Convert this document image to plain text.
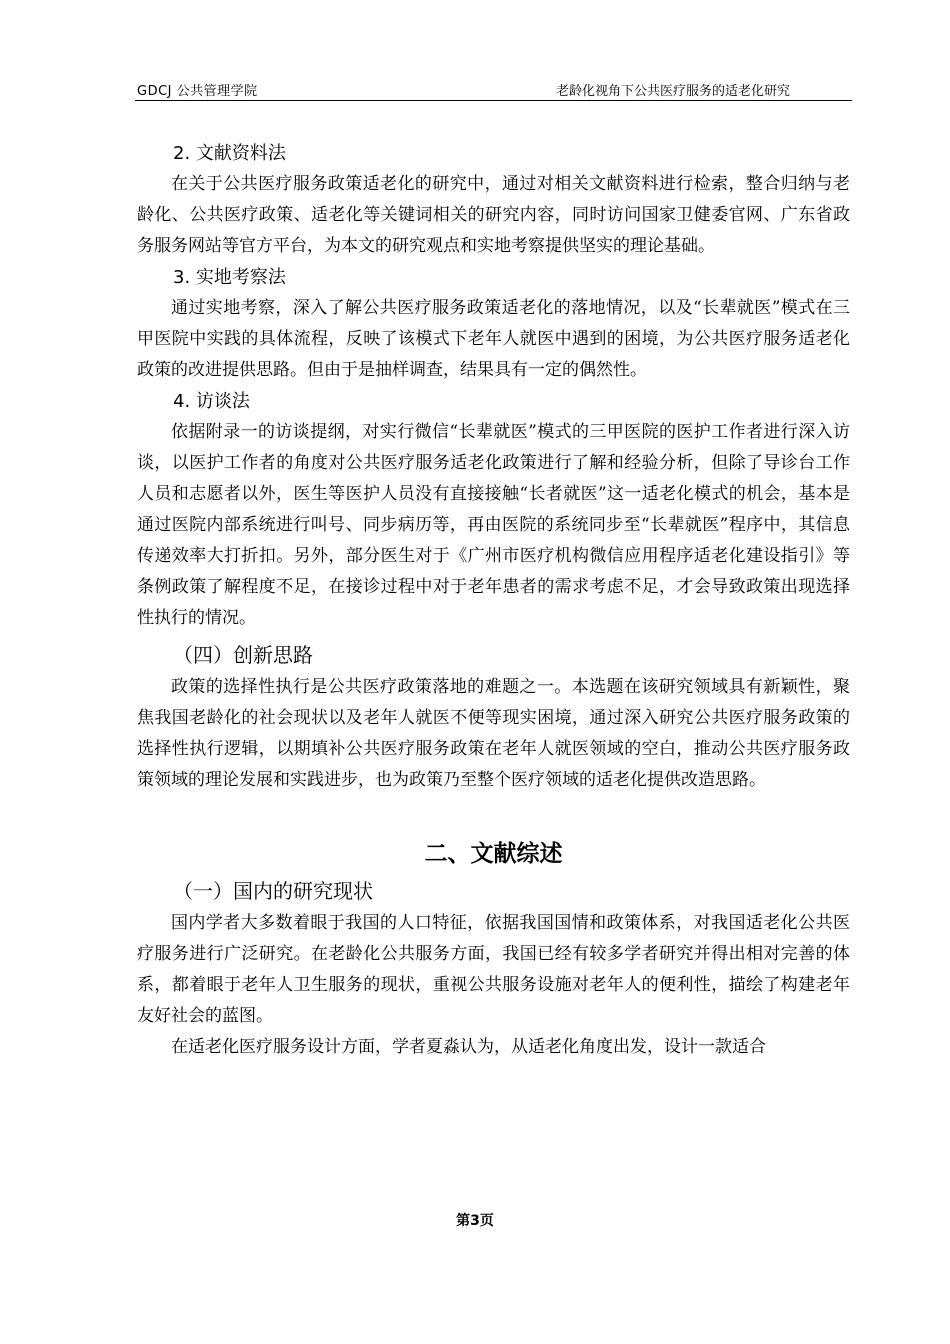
GDCJ 公共管理学院	老龄化视角下公共医疗服务的适老化研究
2. 文献资料法

在关于公共医疗服务政策适老化的研究中，通过对相关文献资料进行检索，整合归纳与老龄化、公共医疗政策、适老化等关键词相关的研究内容，同时访问国家卫健委官网、广东省政务服务网站等官方平台，为本文的研究观点和实地考察提供坚实的理论基础。

3. 实地考察法

通过实地考察，深入了解公共医疗服务政策适老化的落地情况，以及“长辈就医”模式在三甲医院中实践的具体流程，反映了该模式下老年人就医中遇到的困境，为公共医疗服务适老化政策的改进提供思路。但由于是抽样调查，结果具有一定的偶然性。

4. 访谈法

依据附录一的访谈提纲，对实行微信“长辈就医”模式的三甲医院的医护工作者进行深入访谈，以医护工作者的角度对公共医疗服务适老化政策进行了解和经验分析，但除了导诊台工作人员和志愿者以外，医生等医护人员没有直接接触“长者就医”这一适老化模式的机会，基本是通过医院内部系统进行叫号、同步病历等，再由医院的系统同步至“长辈就医”程序中，其信息传递效率大打折扣。另外，部分医生对于《广州市医疗机构微信应用程序适老化建设指引》等条例政策了解程度不足，在接诊过程中对于老年患者的需求考虑不足，才会导致政策出现选择性执行的情况。

（四）创新思路

政策的选择性执行是公共医疗政策落地的难题之一。本选题在该研究领域具有新颖性，聚焦我国老龄化的社会现状以及老年人就医不便等现实困境，通过深入研究公共医疗服务政策的选择性执行逻辑，以期填补公共医疗服务政策在老年人就医领域的空白，推动公共医疗服务政策领域的理论发展和实践进步，也为政策乃至整个医疗领域的适老化提供改造思路。

二、文献综述
（一）国内的研究现状

国内学者大多数着眼于我国的人口特征，依据我国国情和政策体系，对我国适老化公共医疗服务进行广泛研究。在老龄化公共服务方面，我国已经有较多学者研究并得出相对完善的体系，都着眼于老年人卫生服务的现状，重视公共服务设施对老年人的便利性，描绘了构建老年友好社会的蓝图。

在适老化医疗服务设计方面，学者夏淼认为，从适老化角度出发，设计一款适合

第3页
